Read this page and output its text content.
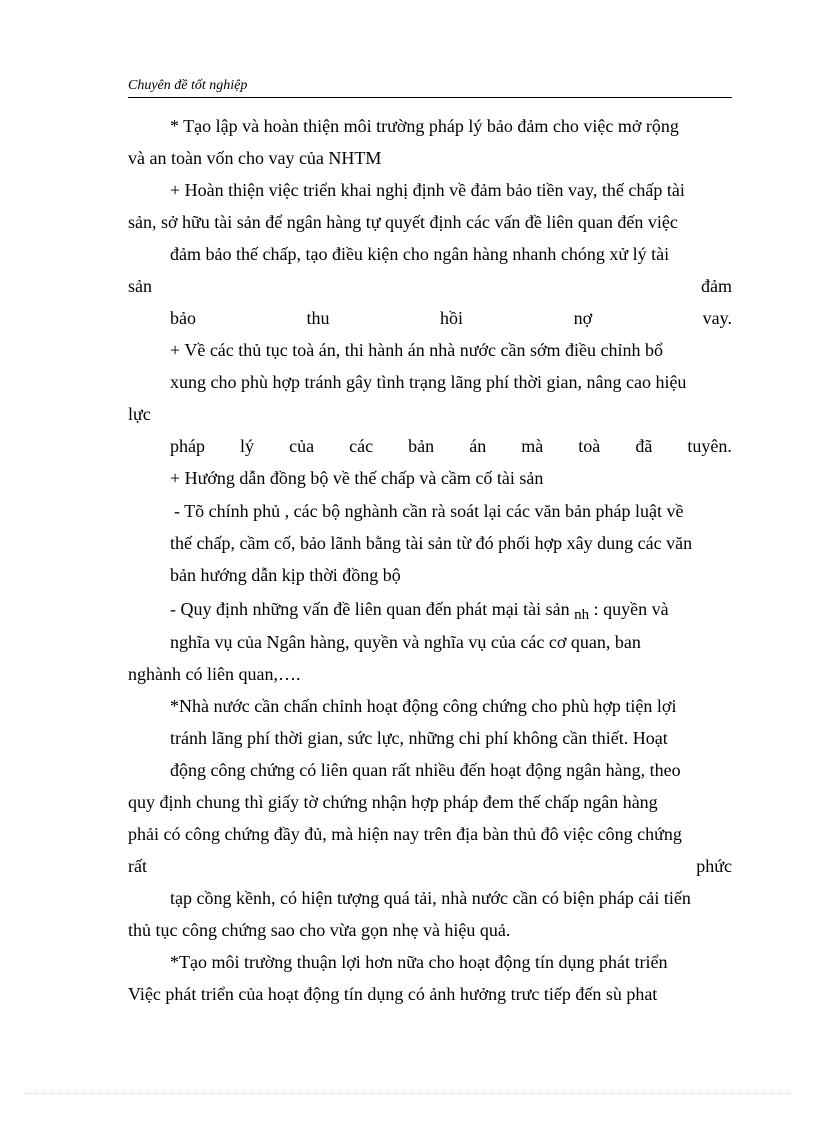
Chuyên đề tốt nghiệp
* Tạo lập và hoàn thiện môi trường pháp lý bảo đảm cho việc mở rộng
và an toàn vốn cho vay của NHTM
+ Hoàn thiện việc triển khai nghị định về đảm bảo tiền vay, thế chấp tài
sản, sở hữu tài sản để ngân hàng tự quyết định các vấn đề liên quan đến việc
đảm bảo thế chấp, tạo điều kiện cho ngân hàng nhanh chóng xử lý tài
sản	đảm
bảo	thu	hồi	nợ	vay.
+ Về các thủ tục toà án, thi hành án nhà nước cần sớm điều chỉnh bổ
xung cho phù hợp tránh gây tình trạng lãng phí thời gian, nâng cao hiệu
lực
pháp lý của các bản án mà toà đã tuyên.
+ Hướng dẫn đồng bộ về thế chấp và cầm cố tài sản
- Tõ chính phủ , các bộ nghành cần rà soát lại các văn bản pháp luật về
thế chấp, cầm cố, bảo lãnh bằng tài sản từ đó phối hợp xây dung các văn
bản hướng dẫn kịp thời đồng bộ
- Quy định những vấn đề liên quan đến phát mại tài sản $_{nh}$ : quyền và
nghĩa vụ của Ngân hàng, quyền và nghĩa vụ của các cơ quan, ban
nghành có liên quan,….
*Nhà nước cần chấn chỉnh hoạt động công chứng cho phù hợp tiện lợi
tránh lãng phí thời gian, sức lực, những chi phí không cần thiết. Hoạt
động công chứng có liên quan rất nhiều đến hoạt động ngân hàng, theo
quy định chung thì giấy tờ chứng nhận hợp pháp đem thế chấp ngân hàng
phải có công chứng đầy đủ, mà hiện nay trên địa bàn thủ đô việc công chứng
rất	phức
tạp cồng kềnh, có hiện tượng quá tải, nhà nước cần có biện pháp cải tiến
thủ tục công chứng sao cho vừa gọn nhẹ và hiệu quả.
*Tạo môi trường thuận lợi hơn nữa cho hoạt động tín dụng phát triển
Việc phát triển của hoạt động tín dụng có ảnh hưởng trưc tiếp đến sù phat
